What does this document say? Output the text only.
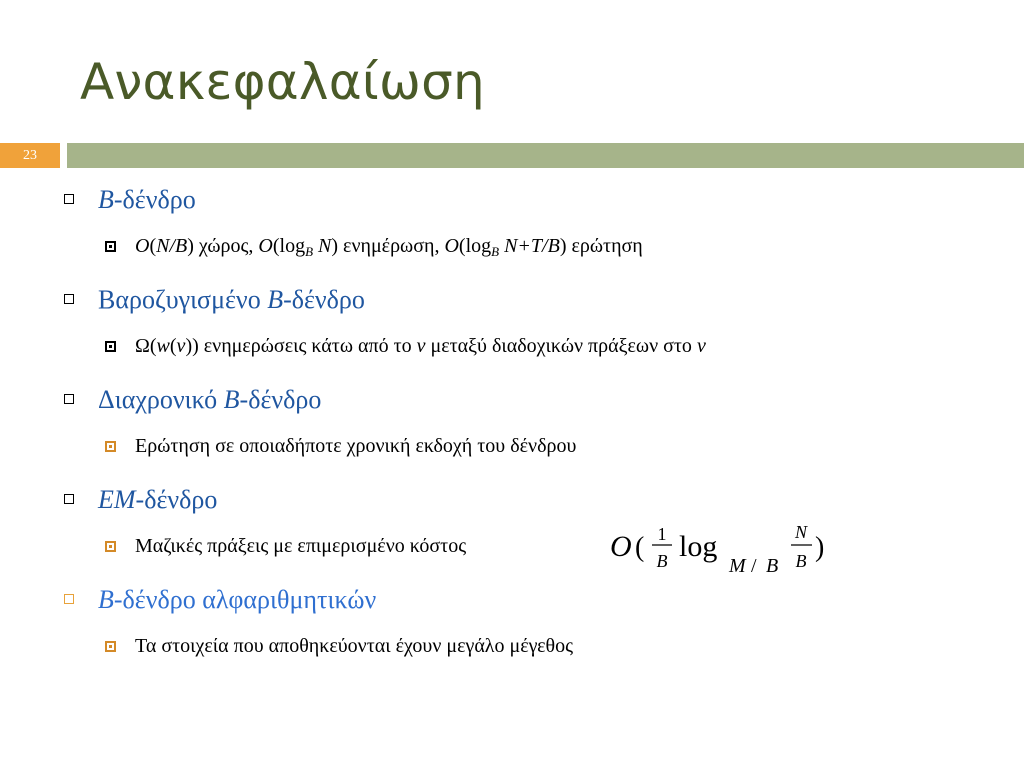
Ανακεφαλαίωση
23
B-δένδρο
O(N/B) χώρος, $O(\log_B$ N) ενημέρωση, $O(\log_B$ N+T/B) ερώτηση
Βαροζυγισμένο B-δένδρο
Ω(w(v)) ενημερώσεις κάτω από το v μεταξύ διαδοχικών πράξεων στο v
Διαχρονικό B-δένδρο
Ερώτηση σε οποιαδήποτε χρονική εκδοχή του δένδρου
EM-δένδρο
Μαζικές πράξεις με επιμερισμένο κόστος	O ( 1
B log
M / B
N
B )
B-δένδρο αλφαριθμητικών
Τα στοιχεία που αποθηκεύονται έχουν μεγάλο μέγεθος
